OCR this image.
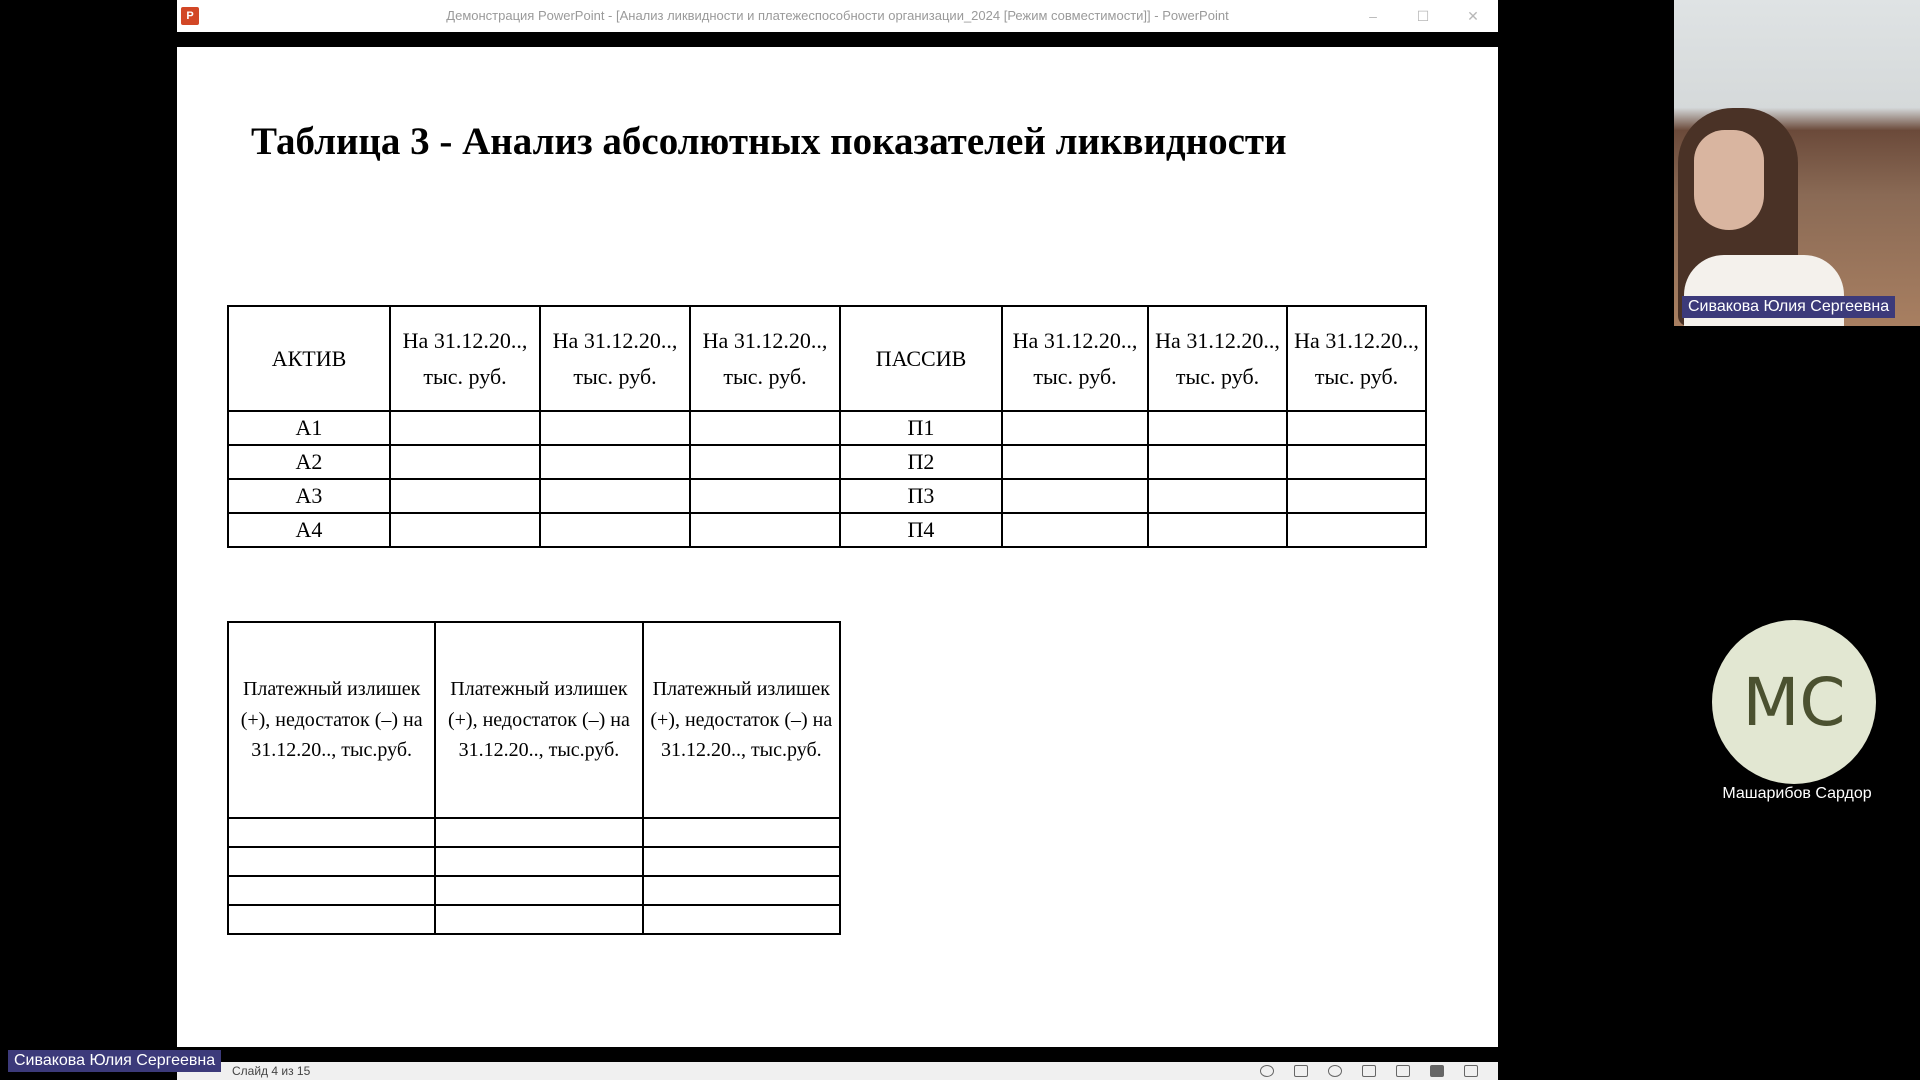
P	Демонстрация PowerPoint - [Анализ ликвидности и платежеспособности организации_2024 [Режим совместимости]] - PowerPoint	–	☐	✕
Таблица 3 - Анализ абсолютных показателей ликвидности
АКТИВ	На 31.12.20.., тыс. руб.	На 31.12.20.., тыс. руб.	На 31.12.20.., тыс. руб.	ПАССИВ	На 31.12.20.., тыс. руб.	На 31.12.20.., тыс. руб.	На 31.12.20.., тыс. руб.
А1				П1			
А2				П2			
А3				П3			
А4				П4			
Платежный излишек (+), недостаток (–) на 31.12.20.., тыс.руб.	Платежный излишек (+), недостаток (–) на 31.12.20.., тыс.руб.	Платежный излишек (+), недостаток (–) на 31.12.20.., тыс.руб.

Слайд 4 из 15
Сивакова Юлия Сергеевна
Сивакова Юлия Сергеевна
MC
Машарибов Сардор
